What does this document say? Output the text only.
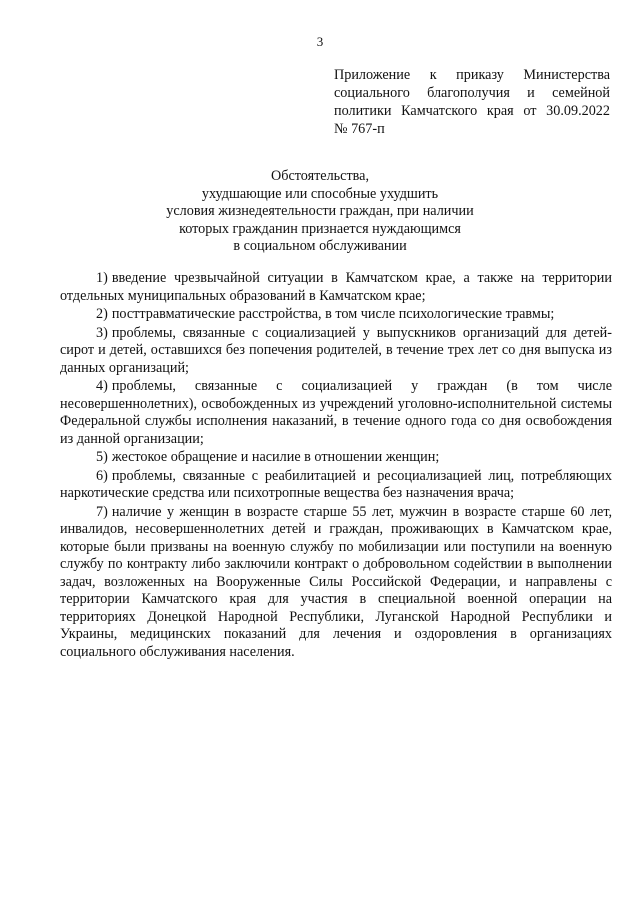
3
Приложение к приказу Министерства
социального благополучия и семейной
политики Камчатского края от 30.09.2022
№ 767-п
Обстоятельства,
ухудшающие или способные ухудшить
условия жизнедеятельности граждан, при наличии
которых гражданин признается нуждающимся
в социальном обслуживании

1) введение чрезвычайной ситуации в Камчатском крае, а также на территории отдельных муниципальных образований в Камчатском крае;

2) посттравматические расстройства, в том числе психологические травмы;

3) проблемы, связанные с социализацией у выпускников организаций для детей-сирот и детей, оставшихся без попечения родителей, в течение трех лет со дня выпуска из данных организаций;

4) проблемы, связанные с социализацией у граждан (в том числе несовершеннолетних), освобожденных из учреждений уголовно-исполнительной системы Федеральной службы исполнения наказаний, в течение одного года со дня освобождения из данной организации;

5) жестокое обращение и насилие в отношении женщин;

6) проблемы, связанные с реабилитацией и ресоциализацией лиц, потребляющих наркотические средства или психотропные вещества без назначения врача;

7) наличие у женщин в возрасте старше 55 лет, мужчин в возрасте старше 60 лет, инвалидов, несовершеннолетних детей и граждан, проживающих в Камчатском крае, которые были призваны на военную службу по мобилизации или поступили на военную службу по контракту либо заключили контракт о добровольном содействии в выполнении задач, возложенных на Вооруженные Силы Российской Федерации, и направлены с территории Камчатского края для участия в специальной военной операции на территориях Донецкой Народной Республики, Луганской Народной Республики и Украины, медицинских показаний для лечения и оздоровления в организациях социального обслуживания населения.
